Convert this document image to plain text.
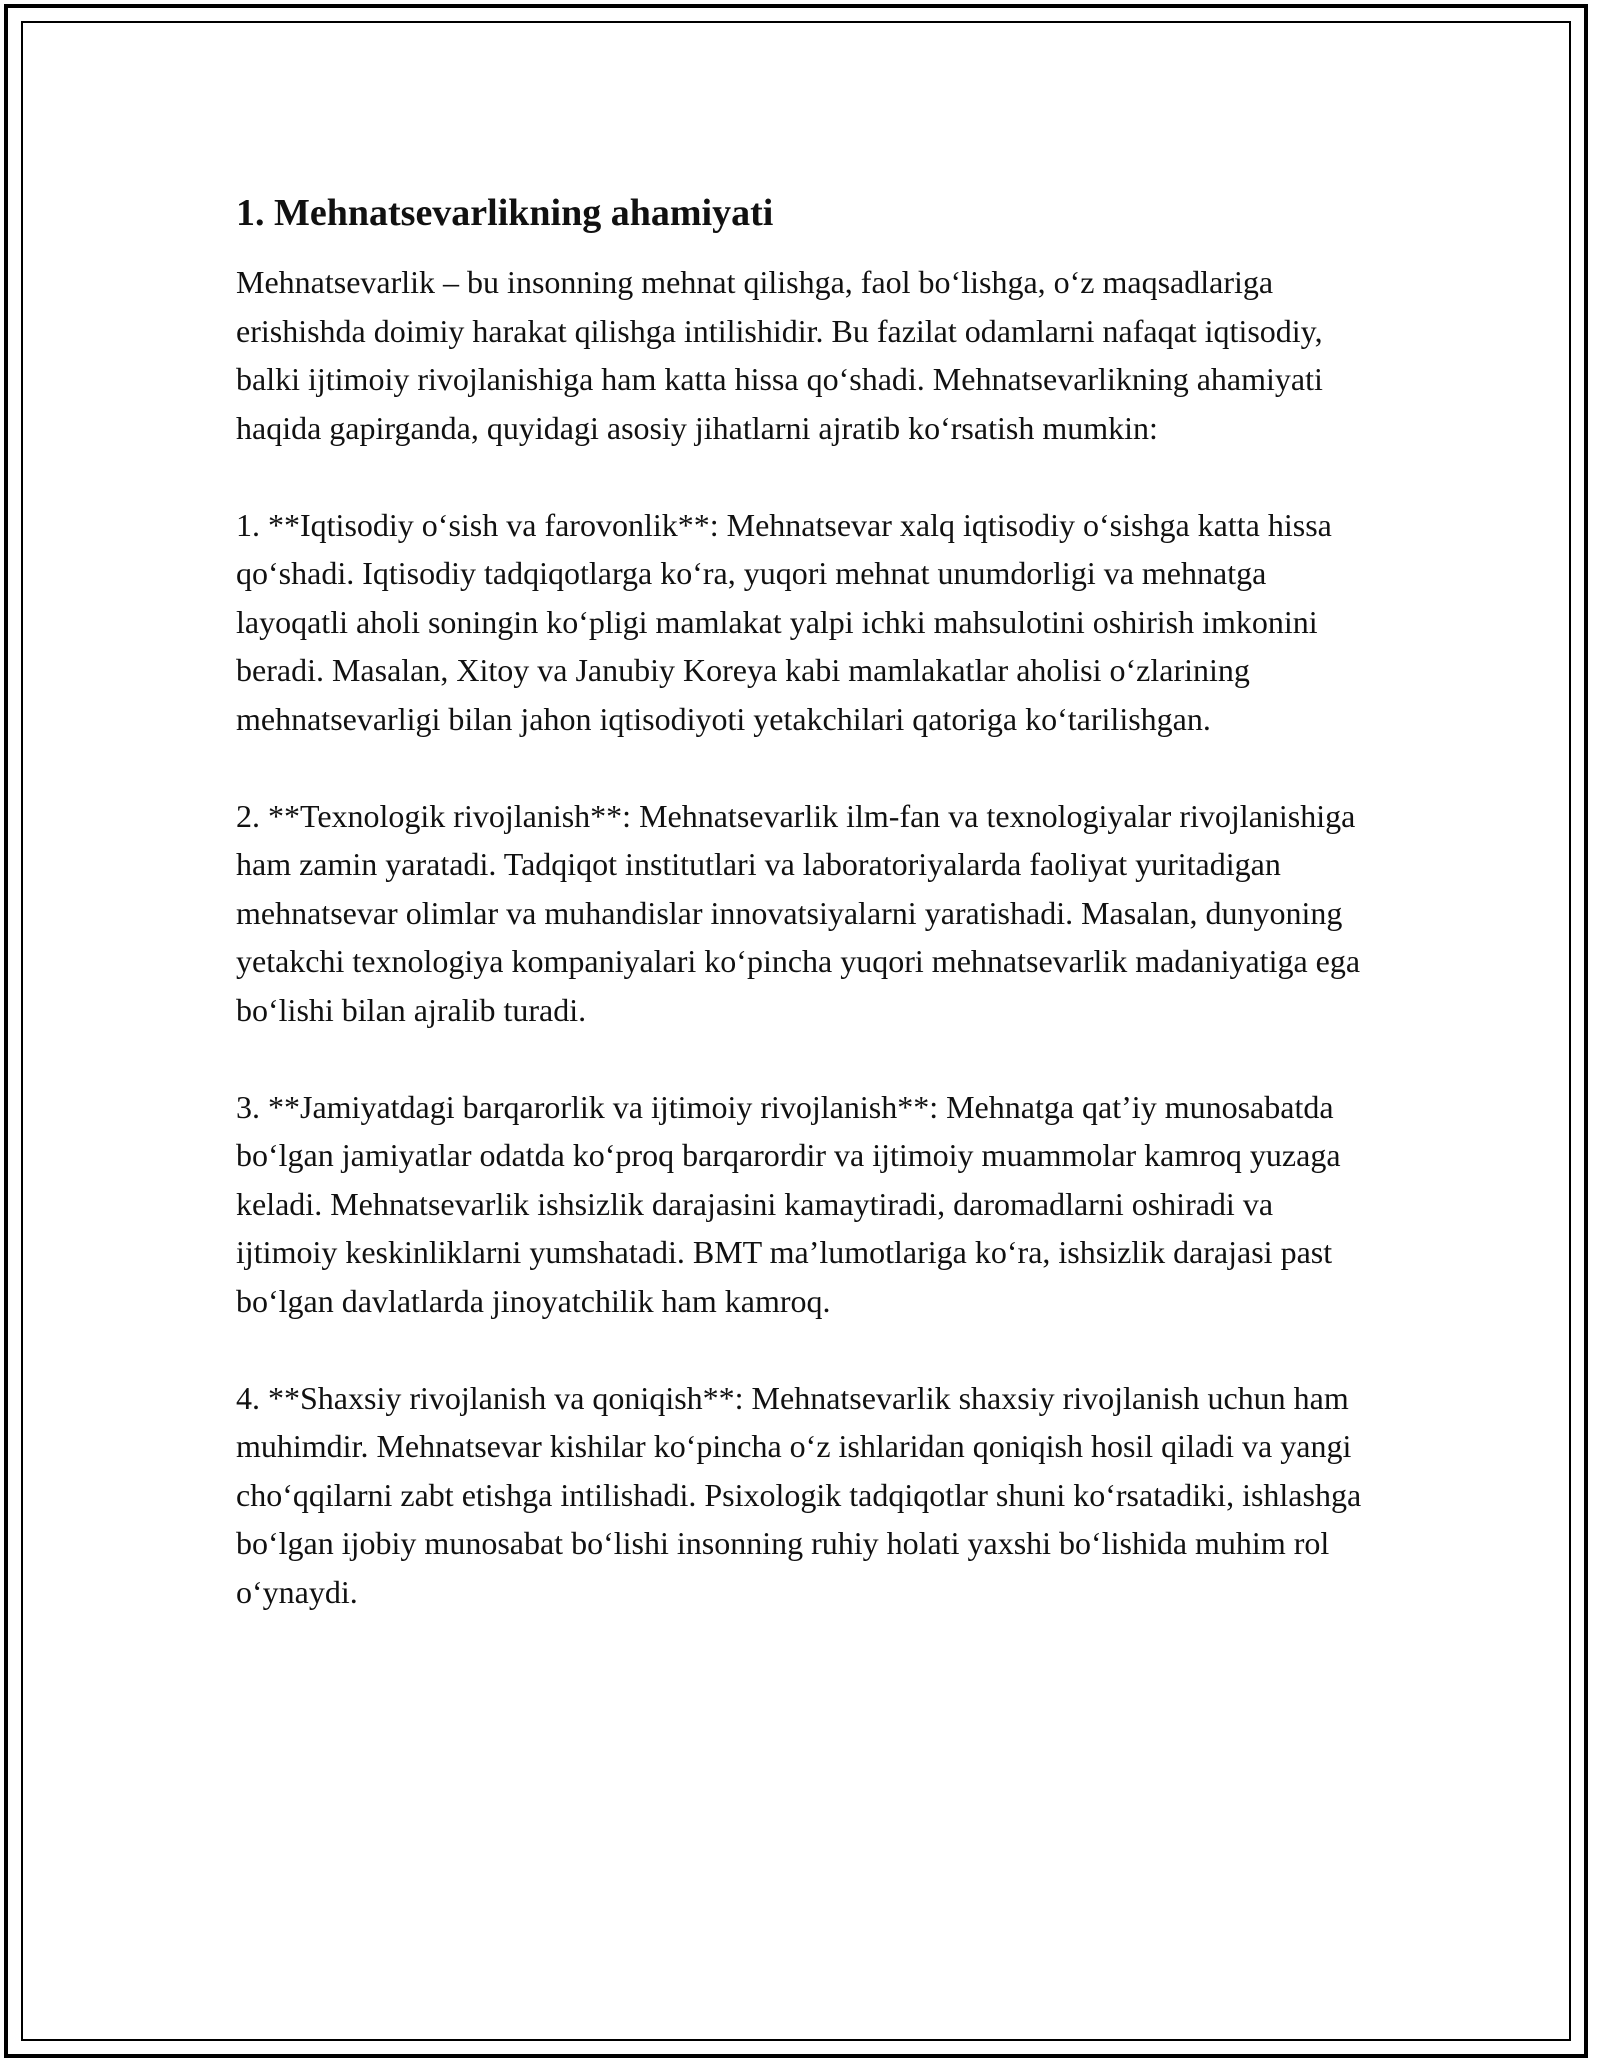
1. Mehnatsevarlikning ahamiyati

Mehnatsevarlik – bu insonning mehnat qilishga, faol boʻlishga, oʻz maqsadlariga erishishda doimiy harakat qilishga intilishidir. Bu fazilat odamlarni nafaqat iqtisodiy, balki ijtimoiy rivojlanishiga ham katta hissa qoʻshadi. Mehnatsevarlikning ahamiyati haqida gapirganda, quyidagi asosiy jihatlarni ajratib koʻrsatish mumkin:

1. **Iqtisodiy oʻsish va farovonlik**: Mehnatsevar xalq iqtisodiy oʻsishga katta hissa qoʻshadi. Iqtisodiy tadqiqotlarga koʻra, yuqori mehnat unumdorligi va mehnatga layoqatli aholi soningin koʻpligi mamlakat yalpi ichki mahsulotini oshirish imkonini beradi. Masalan, Xitoy va Janubiy Koreya kabi mamlakatlar aholisi oʻzlarining mehnatsevarligi bilan jahon iqtisodiyoti yetakchilari qatoriga koʻtarilishgan.

2. **Texnologik rivojlanish**: Mehnatsevarlik ilm-fan va texnologiyalar rivojlanishiga ham zamin yaratadi. Tadqiqot institutlari va laboratoriyalarda faoliyat yuritadigan mehnatsevar olimlar va muhandislar innovatsiyalarni yaratishadi. Masalan, dunyoning yetakchi texnologiya kompaniyalari koʻpincha yuqori mehnatsevarlik madaniyatiga ega boʻlishi bilan ajralib turadi.

3. **Jamiyatdagi barqarorlik va ijtimoiy rivojlanish**: Mehnatga qat’iy munosabatda boʻlgan jamiyatlar odatda koʻproq barqarordir va ijtimoiy muammolar kamroq yuzaga keladi. Mehnatsevarlik ishsizlik darajasini kamaytiradi, daromadlarni oshiradi va ijtimoiy keskinliklarni yumshatadi. BMT ma’lumotlariga koʻra, ishsizlik darajasi past boʻlgan davlatlarda jinoyatchilik ham kamroq.

4. **Shaxsiy rivojlanish va qoniqish**: Mehnatsevarlik shaxsiy rivojlanish uchun ham muhimdir. Mehnatsevar kishilar koʻpincha oʻz ishlaridan qoniqish hosil qiladi va yangi choʻqqilarni zabt etishga intilishadi. Psixologik tadqiqotlar shuni koʻrsatadiki, ishlashga boʻlgan ijobiy munosabat boʻlishi insonning ruhiy holati yaxshi boʻlishida muhim rol oʻynaydi.
